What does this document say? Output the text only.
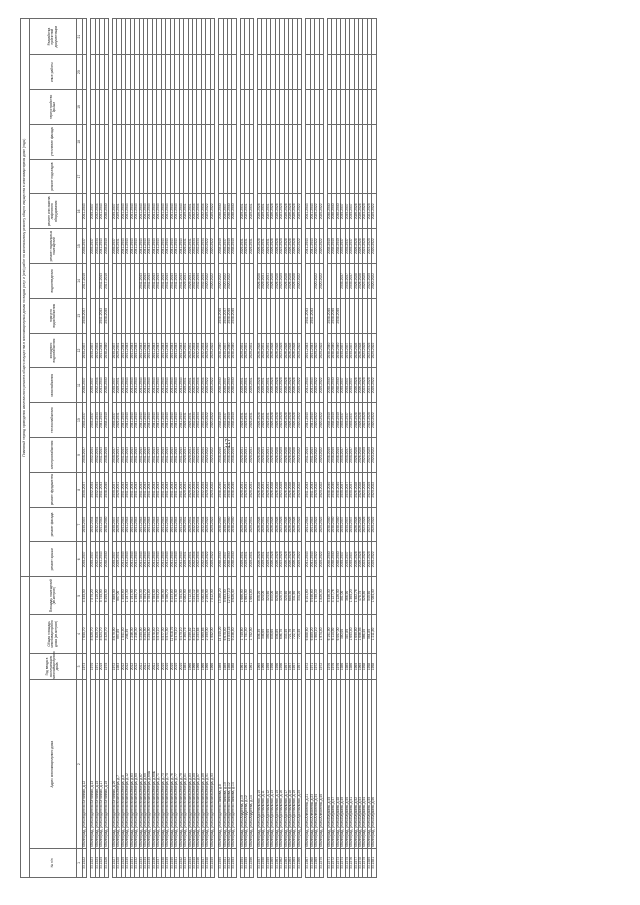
117
					Плановый период проведения капитального ремонта общего имущества в многоквартирных домах по видам услуг и (или) работ по капитальному ремонту общего имущества в многоквартирном доме (годы)															
№ п/п	Адрес многоквартирного дома	Год ввода в эксплуатацию многоквартирного дома	Общая площадь многоквартирного дома (кв.метров)	Площадь помещений (кв.метров)	ремонт крыши	ремонт фасада	ремонт фундамента	электроснабжения	теплоснабжения	газоснабжения	холодного водоснабжения	горячего водоснабжения	водоотведения	ремонт подвальных помещений	ремонт или замена лифтового оборудования	ремонт подъездов	утепление фасада	переустройство крыши	иные работы	Разработка проектной документации
1	2	3	4	5	6	7	8	9	10	11	12	13	14	15	16	17	18	19	20	21
33.1522	г.Волгоград, ул.им.водителя Бетонная, д.12	1973	7 655,70	4 445,50	2035-2037	2035-2037	2035-2037	2035-2037	2035-2037	2035-2037	2035-2037	2035-2037	2017-2019	2035-2037	2041-2043					

33.1523	г.Волгоград, ул.им.водителя Бетонная, д.13	1970	8 529,70	7 870,20	2035-2037	2032-2034	2032-2034	2032-2034	2035-2037	2035-2037	2035-2037			2035-2037	2035-2037					
33.1524	г.Волгоград, ул.им.водителя Бетонная, д.15	1971	7 825,70	7 110,20	2032-2034	2032-2034	2032-2034	2032-2034	2032-2034	2032-2034	2032-2034			2032-2034	2032-2034					
33.1525	г.Волгоград, ул.им.водителя Бетонная, д.17	2019	8 524,70	5 745,90	2041-2043	2041-2043	2041-2043	2041-2043	2041-2043	2041-2043	2041-2043	2041-2043	2041-2043	2041-2043	2041-2043					
33.1526	г.Волгоград, ул.им.водителя Бетонная, д.19	1975	8 329,70	6 205,00	2038-2040	2038-2040	2038-2040	2038-2040	2038-2040	2038-2040	2038-2040	2038-2040	2017-2019	2038-2040	2038-2040					

33.1527	г.Волгоград, ул.им.водителя Бетонная, д.20	1972	8 679,90	7 889,00	2035-2037	2035-2037	2035-2037	2035-2037	2035-2037	2035-2037	2035-2037			2035-2037	2035-2037					
33.1528	г.Волгоград, ул.им.водителя Кюхельбекера, д.7	1983	997,80	997,00	2029-2031	2029-2031	2029-2031	2029-2031	2029-2031	2029-2031	2029-2031			2029-2031	2029-2031					
33.1529	г.Волгоград, ул.им.водителя Кюхельбекера, д.8	2012	1 541,40	1 400,60	2041-2043	2041-2043	2041-2043	2041-2043	2041-2043	2041-2043	2041-2043			2041-2043	2041-2043					
33.1530	г.Волгоград, ул.им.водителя Кюхельбекера, д.12	2012	246,30	1 197,30	2041-2043	2041-2043	2041-2043	2041-2043	2041-2043	2041-2043	2041-2043			2041-2043	2041-2043					
33.1531	г.Волгоград, ул.им.водителя Кюхельбекера, д.63	2012	1 246,30	1 191,00	2041-2043	2041-2043	2041-2043	2041-2043	2041-2043	2041-2043	2041-2043			2041-2043	2041-2043					
33.1532	г.Волгоград, ул.им.водителя Кюхельбекера, д.65	2012	1 246,30	1 195,70	2041-2043	2041-2043	2041-2043	2041-2043	2041-2043	2041-2043	2041-2043			2041-2043	2041-2043					
33.1533	г.Волгоград, ул.им.водителя Кюхельбекера, д.67	2011	5 255,90	3 780,30	2041-2043	2041-2043	2041-2043	2041-2043	2041-2043	2041-2043	2041-2043		2041-2043	2041-2043	2041-2043					
33.1534	г.Волгоград, ул.им.водителя Кюхельбекера, д.69	2011	5 254,50	3 784,70	2041-2043	2041-2043	2041-2043	2041-2043	2041-2043	2041-2043	2041-2043		2041-2043	2041-2043	2041-2043					
33.1535	г.Волгоград, ул.им.водителя Кюхельбекера, д.69А	2011	5 254,50	3 784,80	2041-2043	2041-2043	2041-2043	2041-2043	2041-2043	2041-2043	2041-2043		2041-2043	2041-2043	2041-2043					
33.1536	г.Волгоград, ул.им.водителя Кюхельбекера, д.69Б	2011	5 578,40	3 784,40	2041-2043	2041-2043	2041-2043	2041-2043	2041-2043	2041-2043	2041-2043		2041-2043	2041-2043	2041-2043					
33.1537	г.Волгоград, ул.им.водителя Кюхельбекера, д.71	2010	5 575,10	3 784,20	2041-2043	2041-2043	2041-2043	2041-2043	2041-2043	2041-2043	2041-2043		2041-2043	2041-2043	2041-2043					
33.1538	г.Волгоград, ул.им.водителя Кюхельбекера, д.73	2010	5 577,30	3 786,00	2041-2043	2041-2043	2041-2043	2041-2043	2041-2043	2041-2043	2041-2043		2041-2043	2041-2043	2041-2043					
33.1539	г.Волгоград, ул.им.водителя Кюхельбекера, д.75	2010	5 571,50	3 786,70	2041-2043	2041-2043	2041-2043	2041-2043	2041-2043	2041-2043	2041-2043		2041-2043	2041-2043	2041-2043					
33.1540	г.Волгоград, ул.им.водителя Кюхельбекера, д.76	2010	11 618,70	8 223,80	2041-2043	2041-2043	2041-2043	2041-2043	2041-2043	2041-2043	2041-2043		2041-2043	2041-2043	2041-2043					
33.1541	г.Волгоград, ул.им.водителя Кюхельбекера, д.77	2010	5 470,10	3 176,40	2041-2043	2041-2043	2041-2043	2041-2043	2041-2043	2041-2043	2041-2043		2041-2043	2041-2043	2041-2043					
33.1542	г.Волгоград, ул.им.водителя Кюхельбекера, д.79	2010	5 470,10	3 784,00	2041-2043	2041-2043	2041-2043	2041-2043	2041-2043	2041-2043	2041-2043		2041-2043	2041-2043	2041-2043					
33.1543	г.Волгоград, ул.им.водителя Кюхельбекера, д.81	1984	4 365,79	4 082,90	2029-2031	2029-2031	2029-2031	2029-2031	2029-2031	2029-2031	2029-2031		2029-2031	2029-2031	2029-2031					
33.1544	г.Волгоград, ул.им.водителя Кюхельбекера, д.83	1966	6 259,82	5 712,95	2029-2031	2029-2031	2029-2031	2029-2031	2029-2031	2029-2031	2029-2031		2029-2031	2029-2031	2029-2031					
33.1545	г.Волгоград, ул.им.водителя Кюхельбекера, д.85	1966	8 341,12	3 241,12	2032-2034	2032-2034	2032-2034	2032-2034	2032-2034	2032-2034	2032-2034		2032-2034	2032-2034	2032-2034					
33.1546	г.Волгоград, ул.им.водителя Кюхельбекера, д.87	1966	6 253,68	3 235,09	2032-2034	2032-2034	2032-2034	2032-2034	2032-2034	2032-2034	2032-2034		2032-2034	2032-2034	2032-2034					
33.1547	г.Волгоград, ул.им.водителя Кюхельбекера, д.89	1966	4 060,85	4 082,95	2032-2034	2032-2034	2032-2034	2032-2034	2032-2034	2032-2034	2032-2034		2032-2034	2032-2034	2032-2034					
33.1548	г.Волгоград, ул.им.водителя Кюхельбекера, д.91	1966	2 390,00	2 190,00	2020-2022	2020-2022	2020-2022	2020-2022	2020-2022	2020-2022	2020-2022		2020-2022	2020-2022	2020-2022					
33.1549	г.Волгоград, ул.им.водителя Кюхельбекера, д.93	1966	1 952,00	7 812,00	2020-2022	2020-2022	2020-2022	2020-2022	2020-2022	2020-2022	2020-2022		2020-2022	2020-2022	2020-2022					

33.1550	г.Волгоград, ул.им.водителя Панкова, д.8	1989	14 445,20	13 266,20	2038-2040	2038-2040	2038-2040	2038-2040	2038-2040	2038-2040	2038-2040	2038-2040	2020-2022	2038-2040	2038-2040					
33.1551	г.Волгоград, ул.им.водителя Панкова, д.10	1989	6 675,40	5 953,00	2035-2037	2035-2037	2035-2037	2035-2037	2035-2037	2035-2037	2035-2037	2035-2037	2020-2022	2035-2037	2035-2037					
33.1552	г.Волгоград, ул.им.водителя Панкова, д.12	1988	13 833,15	12 577,10	2038-2040	2038-2040	2038-2040	2038-2040	2038-2040	2038-2040	2038-2040	2038-2040	2020-2022	2038-2040	2038-2040					
33.1553	г.Волгоград, ул.им.водителя Панкова, д.14	1988	9 236,40	8 626,40	2038-2040	2038-2040	2038-2040	2038-2040	2038-2040	2038-2040	2038-2040	2038-2040		2038-2040	2038-2040					

33.1554	г.Волгоград, ул.им.Андреева, д.10	1961	1 740,60	1 666,90	2029-2031	2029-2031	2029-2031	2029-2031	2029-2031	2029-2031	2029-2031			2029-2031	2029-2031					
33.1555	г.Волгоград, ул.им.Андреева, д.12	1961	1 751,40	1 663,00	2029-2031	2029-2031	2029-2031	2029-2031	2029-2031	2029-2031	2029-2031			2029-2031	2029-2031					
33.1556	г.Волгоград, ул.им.Андреева, д.14	1961	1 752,50	1 664,80	2029-2031	2029-2031	2029-2031	2029-2031	2029-2031	2029-2031	2029-2031			2029-2031	2029-2031					

33.1557	г.Волгоград, ул.им.Арсенальная, д.10	1969	836,30	835,20	2026-2028	2026-2028	2026-2028	2026-2028	2026-2028	2026-2028	2026-2028		2026-2028	2026-2028	2026-2028					
33.1558	г.Волгоград, ул.им.Арсенальная, д.11	1966	346,60	324,00	2029-2031	2029-2031	2029-2031	2029-2031	2029-2031	2029-2031	2029-2031		2029-2031	2029-2031	2029-2031					
33.1559	г.Волгоград, ул.им.Арсенальная, д.12	1959	399,60	324,60	2029-2031	2029-2031	2029-2031	2029-2031	2029-2031	2029-2031	2029-2031		2029-2031	2029-2031	2029-2031					
33.1560	г.Волгоград, ул.им.Арсенальная, д.13	1956	835,60	833,00	2026-2028	2026-2028	2026-2028	2026-2028	2026-2028	2026-2028	2026-2028		2026-2028	2026-2028	2026-2028					
33.1561	г.Волгоград, ул.им.Арсенальная, д.15	1956	836,80	829,80	2026-2028	2026-2028	2026-2028	2026-2028	2026-2028	2026-2028	2026-2028		2026-2028	2026-2028	2026-2028					
33.1562	г.Волгоград, ул.им.Арсенальная, д.16	1956	606,70	329,70	2023-2025	2023-2025	2023-2025	2023-2025	2023-2025	2023-2025	2023-2025		2023-2025	2023-2025	2023-2025					
33.1563	г.Волгоград, ул.им.Арсенальная, д.17	1957	333,40	325,60	2026-2028	2026-2028	2026-2028	2026-2028	2026-2028	2026-2028	2026-2028		2026-2028	2026-2028	2026-2028					
33.1564	г.Волгоград, ул.им.Арсенальная, д.18	1957	721,70	685,50	2026-2028	2026-2028	2026-2028	2026-2028	2026-2028	2026-2028	2026-2028		2026-2028	2026-2028	2026-2028					
33.1565	г.Волгоград, ул.им.Арсенальная, д.19	1957	722,70	331,60	2026-2028	2026-2028	2026-2028	2026-2028	2026-2028	2026-2028	2026-2028		2026-2028	2026-2028	2026-2028					
33.1566	г.Волгоград, ул.им.Арсенальная, д.20	1957	723,40	334,20	2020-2022	2020-2022	2020-2022	2020-2022	2020-2022	2020-2022	2020-2022		2020-2022	2020-2022	2020-2022					

33.1567	г.Волгоград, ул.им.Алексеева, д.21	1972	6 888,60	6 101,60	2041-2043	2041-2043	2041-2043	2041-2043	2041-2043	2041-2043	2041-2043	2041-2043		2041-2043	2041-2043					
33.1568	г.Волгоград, ул.им.Алексеева, д.23	1971	6 880,20	5 946,60	2041-2043	2041-2043	2041-2043	2041-2043	2041-2043	2041-2043	2041-2043	2041-2043		2041-2043	2041-2043					
33.1569	г.Волгоград, ул.им.Алексеева, д.34	1972	1 965,10	1 759,10	2020-2022	2020-2022	2020-2022	2020-2022	2020-2022	2020-2022	2020-2022		2020-2022	2020-2022	2020-2022					
33.1570	г.Волгоград, ул.им.Алексеева, д.40	1972	1 974,40	1 826,30	2020-2022	2020-2022	2020-2022	2020-2022	2020-2022	2020-2022	2020-2022		2020-2022	2020-2022	2020-2022					

33.1571	г.Волгоград, ул.им.Баумана, д.45	1976	6 101,90	5 446,30	2038-2040	2038-2040	2038-2040	2038-2040	2038-2040	2038-2040	2038-2040	2038-2040		2038-2040	2038-2040					
33.1572	г.Волгоград, ул.им.Баумана, д.47	1976	6 114,50	4 127,76	2038-2040	2038-2040	2038-2040	2038-2040	2038-2040	2038-2040	2038-2040	2038-2040		2038-2040	2038-2040					
33.1573	г.Волгоград, ул.им.Баумана, д.48	1976	6 007,00	4 126,00	2038-2040	2038-2040	2038-2040	2038-2040	2038-2040	2038-2040	2038-2040	2038-2040		2038-2040	2038-2040					
33.1574	г.Волгоград, ул.им.Баумана, д.49	1986	380,00	391,00	2035-2037	2035-2037	2035-2037	2035-2037	2035-2037	2035-2037	2035-2037		2035-2037	2035-2037	2035-2037					
33.1575	г.Волгоград, ул.им.Баумана, д.50	1985	387,80	366,90	2035-2037	2035-2037	2035-2037	2035-2037	2035-2037	2035-2037	2035-2037		2035-2037	2035-2037	2035-2037					
33.1576	г.Волгоград, ул.им.Баумана, д.51	1986	1 603,40	1 465,20	2035-2037	2035-2037	2035-2037	2035-2037	2035-2037	2035-2037	2035-2037		2035-2037	2035-2037	2035-2037					
33.1577	г.Волгоград, ул.им.Баумана, д.52	1969	1 699,80	1 482,76	2026-2028	2026-2028	2026-2028	2026-2028	2026-2028	2026-2028	2026-2028		2026-2028	2026-2028	2026-2028					
33.1578	г.Волгоград, ул.им.Баумана, д.53	1969	1 696,95	478,75	2026-2028	2026-2028	2026-2028	2026-2028	2026-2028	2026-2028	2026-2028		2026-2028	2026-2028	2026-2028					
33.1579	г.Волгоград, ул.им.Баумана, д.54	1958	566,40	526,80	2023-2025	2023-2025	2023-2025	2023-2025	2023-2025	2023-2025	2023-2025		2023-2025	2023-2025	2023-2025					
33.1580	г.Волгоград, ул.им.Баумана, д.55	1958	564,80	549,60	2023-2025	2023-2025	2023-2025	2023-2025	2023-2025	2023-2025	2023-2025		2023-2025	2023-2025	2023-2025					
33.1581	г.Волгоград, ул.им.Баумана, д.56	1958	1 211,80	1 084,40	2020-2022	2020-2022	2020-2022	2020-2022	2020-2022	2020-2022	2020-2022		2020-2022	2020-2022	2020-2022					
